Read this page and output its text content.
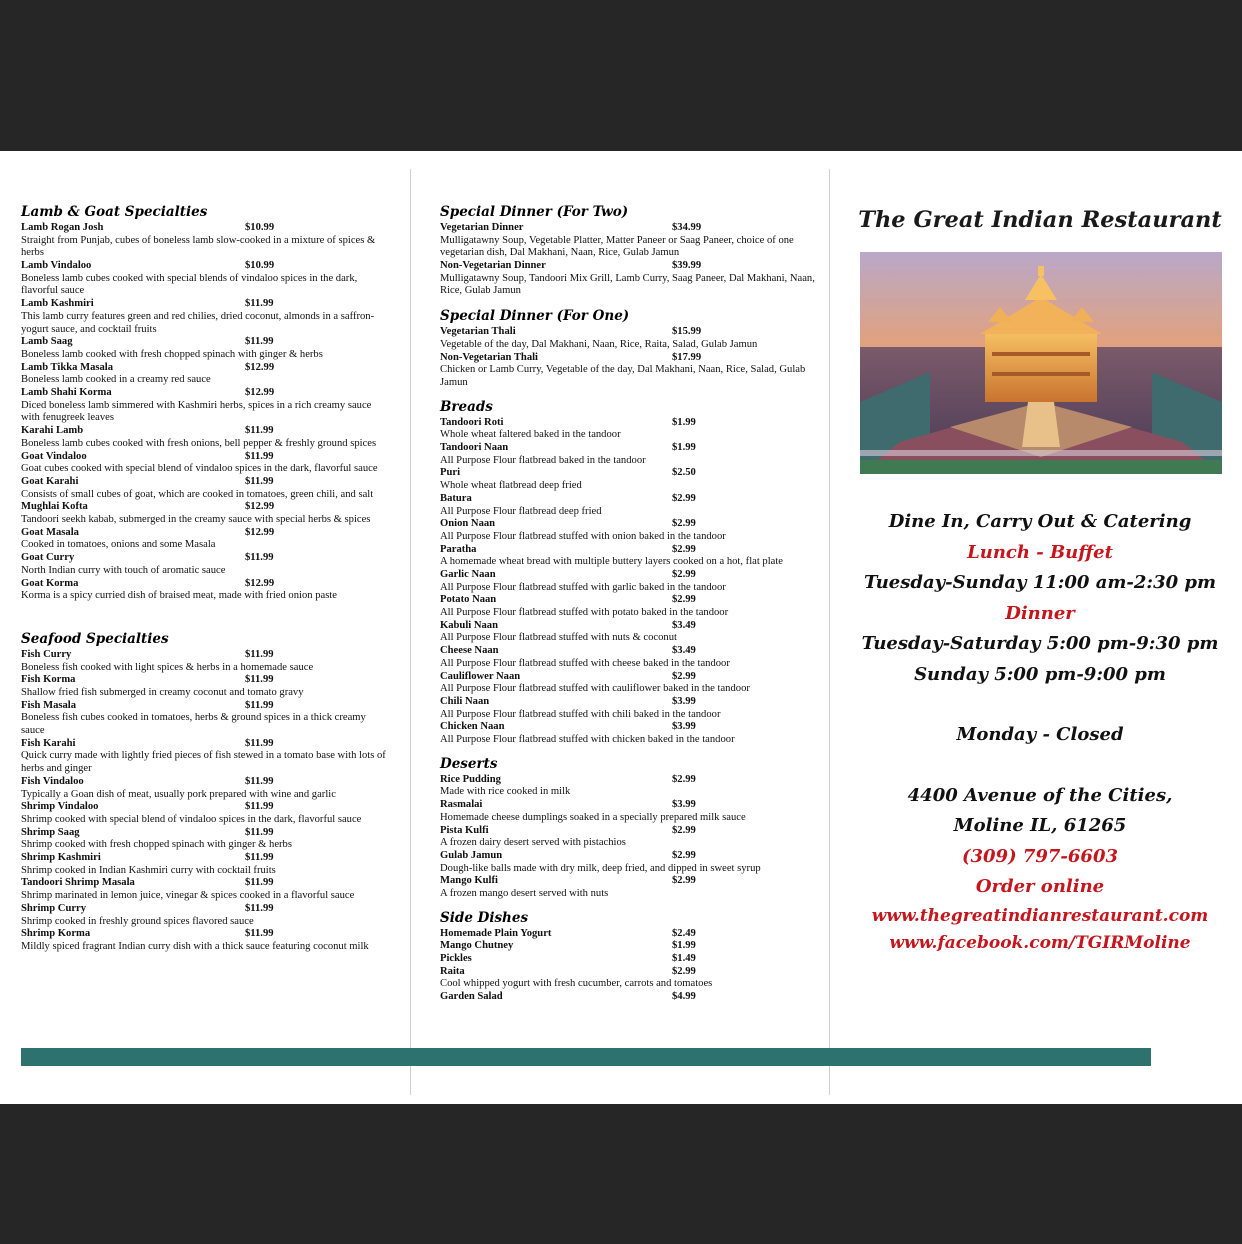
Lamb & Goat Specialties
Lamb Rogan Josh	$10.99
Straight from Punjab, cubes of boneless lamb slow-cooked in a mixture of spices & herbs
Lamb Vindaloo	$10.99
Boneless lamb cubes cooked with special blends of vindaloo spices in the dark, flavorful sauce
Lamb Kashmiri	$11.99
This lamb curry features green and red chilies, dried coconut, almonds in a saffron-yogurt sauce, and cocktail fruits
Lamb Saag	$11.99
Boneless lamb cooked with fresh chopped spinach with ginger & herbs
Lamb Tikka Masala	$12.99
Boneless lamb cooked in a creamy red sauce
Lamb Shahi Korma	$12.99
Diced boneless lamb simmered with Kashmiri herbs, spices in a rich creamy sauce with fenugreek leaves
Karahi Lamb	$11.99
Boneless lamb cubes cooked with fresh onions, bell pepper & freshly ground spices
Goat Vindaloo	$11.99
Goat cubes cooked with special blend of vindaloo spices in the dark, flavorful sauce
Goat Karahi	$11.99
Consists of small cubes of goat, which are cooked in tomatoes, green chili, and salt
Mughlai Kofta	$12.99
Tandoori seekh kabab, submerged in the creamy sauce with special herbs & spices
Goat Masala	$12.99
Cooked in tomatoes, onions and some Masala
Goat Curry	$11.99
North Indian curry with touch of aromatic sauce
Goat Korma	$12.99
Korma is a spicy curried dish of braised meat, made with fried onion paste
Seafood Specialties
Fish Curry	$11.99
Boneless fish cooked with light spices & herbs in a homemade sauce
Fish Korma	$11.99
Shallow fried fish submerged in creamy coconut and tomato gravy
Fish Masala	$11.99
Boneless fish cubes cooked in tomatoes, herbs & ground spices in a thick creamy sauce
Fish Karahi	$11.99
Quick curry made with lightly fried pieces of fish stewed in a tomato base with lots of herbs and ginger
Fish Vindaloo	$11.99
Typically a Goan dish of meat, usually pork prepared with wine and garlic
Shrimp Vindaloo	$11.99
Shrimp cooked with special blend of vindaloo spices in the dark, flavorful sauce
Shrimp Saag	$11.99
Shrimp cooked with fresh chopped spinach with ginger & herbs
Shrimp Kashmiri	$11.99
Shrimp cooked in Indian Kashmiri curry with cocktail fruits
Tandoori Shrimp Masala	$11.99
Shrimp marinated in lemon juice, vinegar & spices cooked in a flavorful sauce
Shrimp Curry	$11.99
Shrimp cooked in freshly ground spices flavored sauce
Shrimp Korma	$11.99
Mildly spiced fragrant Indian curry dish with a thick sauce featuring coconut milk
Special Dinner (For Two)
Vegetarian Dinner	$34.99
Mulligatawny Soup, Vegetable Platter, Matter Paneer or Saag Paneer, choice of one vegetarian dish, Dal Makhani, Naan, Rice, Gulab Jamun
Non-Vegetarian Dinner	$39.99
Mulligatawny Soup, Tandoori Mix Grill, Lamb Curry, Saag Paneer, Dal Makhani, Naan, Rice, Gulab Jamun
Special Dinner (For One)
Vegetarian Thali	$15.99
Vegetable of the day, Dal Makhani, Naan, Rice, Raita, Salad, Gulab Jamun
Non-Vegetarian Thali	$17.99
Chicken or Lamb Curry, Vegetable of the day, Dal Makhani, Naan, Rice, Salad, Gulab Jamun
Breads
Tandoori Roti	$1.99
Whole wheat faltered baked in the tandoor
Tandoori Naan	$1.99
All Purpose Flour flatbread baked in the tandoor
Puri	$2.50
Whole wheat flatbread deep fried
Batura	$2.99
All Purpose Flour flatbread deep fried
Onion Naan	$2.99
All Purpose Flour flatbread stuffed with onion baked in the tandoor
Paratha	$2.99
A homemade wheat bread with multiple buttery layers cooked on a hot, flat plate
Garlic Naan	$2.99
All Purpose Flour flatbread stuffed with garlic baked in the tandoor
Potato Naan	$2.99
All Purpose Flour flatbread stuffed with potato baked in the tandoor
Kabuli Naan	$3.49
All Purpose Flour flatbread stuffed with nuts & coconut
Cheese Naan	$3.49
All Purpose Flour flatbread stuffed with cheese baked in the tandoor
Cauliflower Naan	$2.99
All Purpose Flour flatbread stuffed with cauliflower baked in the tandoor
Chili Naan	$3.99
All Purpose Flour flatbread stuffed with chili baked in the tandoor
Chicken Naan	$3.99
All Purpose Flour flatbread stuffed with chicken baked in the tandoor
Deserts
Rice Pudding	$2.99
Made with rice cooked in milk
Rasmalai	$3.99
Homemade cheese dumplings soaked in a specially prepared milk sauce
Pista Kulfi	$2.99
A frozen dairy desert served with pistachios
Gulab Jamun	$2.99
Dough-like balls made with dry milk, deep fried, and dipped in sweet syrup
Mango Kulfi	$2.99
A frozen mango desert served with nuts
Side Dishes
Homemade Plain Yogurt	$2.49
Mango Chutney	$1.99
Pickles	$1.49
Raita	$2.99
Cool whipped yogurt with fresh cucumber, carrots and tomatoes
Garden Salad	$4.99
The Great Indian Restaurant
Dine In, Carry Out & Catering
Lunch - Buffet
Tuesday-Sunday 11:00 am-2:30 pm
Dinner
Tuesday-Saturday 5:00 pm-9:30 pm
Sunday 5:00 pm-9:00 pm
Monday - Closed
4400 Avenue of the Cities,
Moline IL, 61265
(309) 797-6603
Order online
www.thegreatindianrestaurant.com
www.facebook.com/TGIRMoline
